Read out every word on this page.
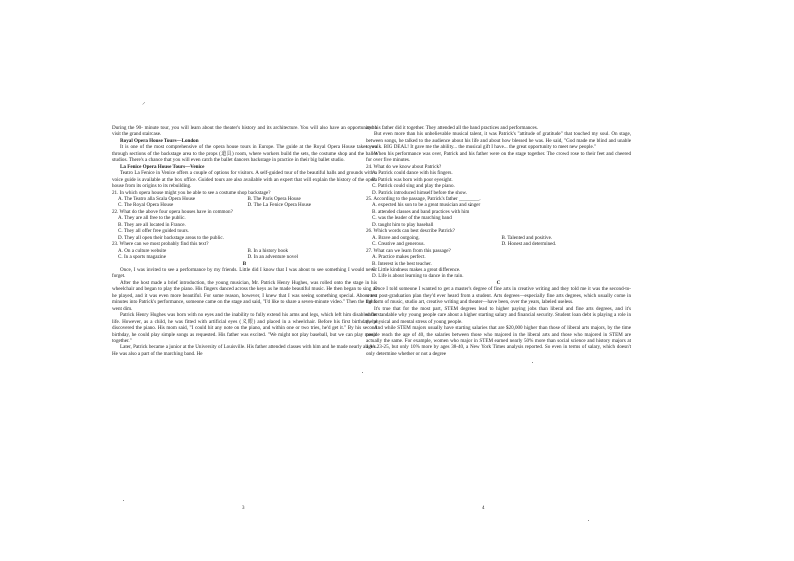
⸝

During the 90- minute tour, you will learn about the theater's history and its architecture. You will also have an opportunity to visit the grand staircase.

Royal Opera House Tours—London

It is one of the most comprehensive of the opera house tours in Europe. The guide at the Royal Opera House takes you through sections of the backstage area to the props (道具) room, where workers build the sets, the costume shop and the ballet studios. There's a chance that you will even catch the ballet dancers backstage in practice in their big ballet studio.

La Fenice Opera House Tours—Venice

Teatro La Fenice in Venice offers a couple of options for visitors. A self-guided tour of the beautiful halls and grounds with a voice guide is available at the box office. Guided tours are also available with an expert that will explain the history of the opera house from its origins to its rebuilding.

21. In which opera house might you be able to see a costume shop backstage?

A. The Teatro alla Scala Opera House	B. The Paris Opera House
C. The Royal Opera House	D. The La Fenice Opera House

22. What do the above four opera houses have in common?

A. They are all free to the public.

B. They are all located in France.

C. They all offer free guided tours.

D. They all open their backstage areas to the public.

23. Where can we most probably find this text?

A. On a culture website	B. In a history book
C. In a sports magazine	D. In an adventure novel

B

Once, I was invited to see a performance by my friends. Little did I know that I was about to see something I would never forget.

After the host made a brief introduction, the young musician, Mr. Patrick Henry Hughes, was rolled onto the stage in his wheelchair and began to play the piano. His fingers danced across the keys as he made beautiful music. He then began to sing as he played, and it was even more beautiful. For some reason, however, I knew that I was seeing something special. About ten minutes into Patrick's performance, someone came on the stage and said, "I'd like to share a seven-minute video." Then the lights went dim.

Patrick Henry Hughes was born with no eyes and the inability to fully extend his arms and legs, which left him disabled for life. However, as a child, he was fitted with artificial eyes (义眼) and placed in a wheelchair. Before his first birthday, he discovered the piano. His mom said, "I could hit any note on the piano, and within one or two tries, he'd get it." By his second birthday, he could play simple songs as requested. His father was excited. "We might not play baseball, but we can play music together."

Later, Patrick became a junior at the University of Louisville. His father attended classes with him and he made nearly all A's. He was also a part of the marching band. He

and his father did it together. They attended all the band practices and performances.

But even more than his unbelievable musical talent, it was Patrick's "attitude of gratitude" that touched my soul. On stage, between songs, he talked to the audience about his life and about how blessed he was. He said, "God made me blind and unable to walk. BIG DEAL! It gave me the ability... the musical gift I have... the great opportunity to meet new people."

When his performance was over, Patrick and his father were on the stage together. The crowd rose to their feet and cheered for over five minutes.

24. What do we know about Patrick?

A. Patrick could dance with his fingers.

B. Patrick was born with poor eyesight.

C. Patrick could sing and play the piano.

D. Patrick introduced himself before the show.

25. According to the passage, Patrick's father ________.

A. expected his son to be a great musician and singer

B. attended classes and band practices with him

C. was the leader of the marching band

D. taught him to play baseball

26. Which words can best describe Patrick?

A. Brave and outgoing.	B. Talented and positive.
C. Creative and generous.	D. Honest and determined.

27. What can we learn from this passage?

A. Practice makes perfect.

B. Interest is the best teacher.

C. Little kindness makes a great difference.

D. Life is about learning to dance in the rain.

C

Once I told someone I wanted to get a master's degree of fine arts in creative writing and they told me it was the second-to-worst post-graduation plan they'd ever heard from a student. Arts degrees—especially fine arts degrees, which usually come in the form of music, studio art, creative writing and theater—have been, over the years, labeled useless.

It's true that for the most part, STEM degrees lead to higher paying jobs than liberal and fine arts degrees, and it's understandable why young people care about a higher starting salary and financial security. Student loan debt is playing a role in the physical and mental stress of young people.

And while STEM majors usually have starting salaries that are $20,000 higher than those of liberal arts majors, by the time people reach the age of 40, the salaries between those who majored in the liberal arts and those who majored in STEM are actually the same. For example, women who major in STEM earned nearly 50% more than social science and history majors at ages 23-25, but only 10% more by ages 38-40, a New York Times analysis reported. So even in terms of salary, which doesn't only determine whether or not a degree

3	4
